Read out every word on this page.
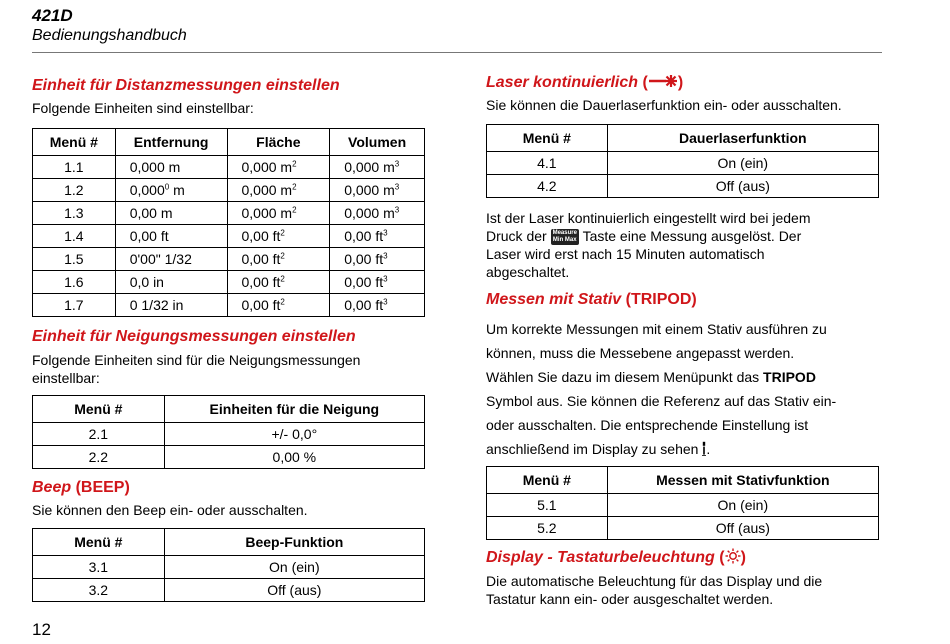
421D
Bedienungshandbuch
Einheit für Distanzmessungen einstellen

Folgende Einheiten sind einstellbar:

Menü #	Entfernung	Fläche	Volumen
1.1	0,000 m	0,000 $m^2$	0,000 $m^3$
1.2	0,000$^0$ m	0,000 $m^2$	0,000 $m^3$
1.3	0,00 m	0,000 $m^2$	0,000 $m^3$
1.4	0,00 ft	0,00 $ft^2$	0,00 $ft^3$
1.5	0'00" 1/32	0,00 $ft^2$	0,00 $ft^3$
1.6	0,0 in	0,00 $ft^2$	0,00 $ft^3$
1.7	0 1/32 in	0,00 $ft^2$	0,00 $ft^3$
Einheit für Neigungsmessungen einstellen

Folgende Einheiten sind für die Neigungsmessungen einstellbar:

Menü #	Einheiten für die Neigung
2.1	+/- 0,0°
2.2	0,00 %
Beep (BEEP)

Sie können den Beep ein- oder ausschalten.

Menü #	Beep-Funktion
3.1	On (ein)
3.2	Off (aus)
12
Laser kontinuierlich ( )

Sie können die Dauerlaserfunktion ein- oder ausschalten.

Menü #	Dauerlaserfunktion
4.1	On (ein)
4.2	Off (aus)
Ist der Laser kontinuierlich eingestellt wird bei jedem
Druck der Measure
Min Max Taste eine Messung ausgelöst. Der
Laser wird erst nach 15 Minuten automatisch
abgeschaltet.
Messen mit Stativ (TRIPOD)
Um korrekte Messungen mit einem Stativ ausführen zu
können, muss die Messebene angepasst werden.
Wählen Sie dazu im diesem Menüpunkt das TRIPOD
Symbol aus. Sie können die Referenz auf das Stativ ein-
oder ausschalten. Die entsprechende Einstellung ist
anschließend im Display zu sehen .
Menü #	Messen mit Stativfunktion
5.1	On (ein)
5.2	Off (aus)
Display - Tastaturbeleuchtung ( )
Die automatische Beleuchtung für das Display und die
Tastatur kann ein- oder ausgeschaltet werden.
